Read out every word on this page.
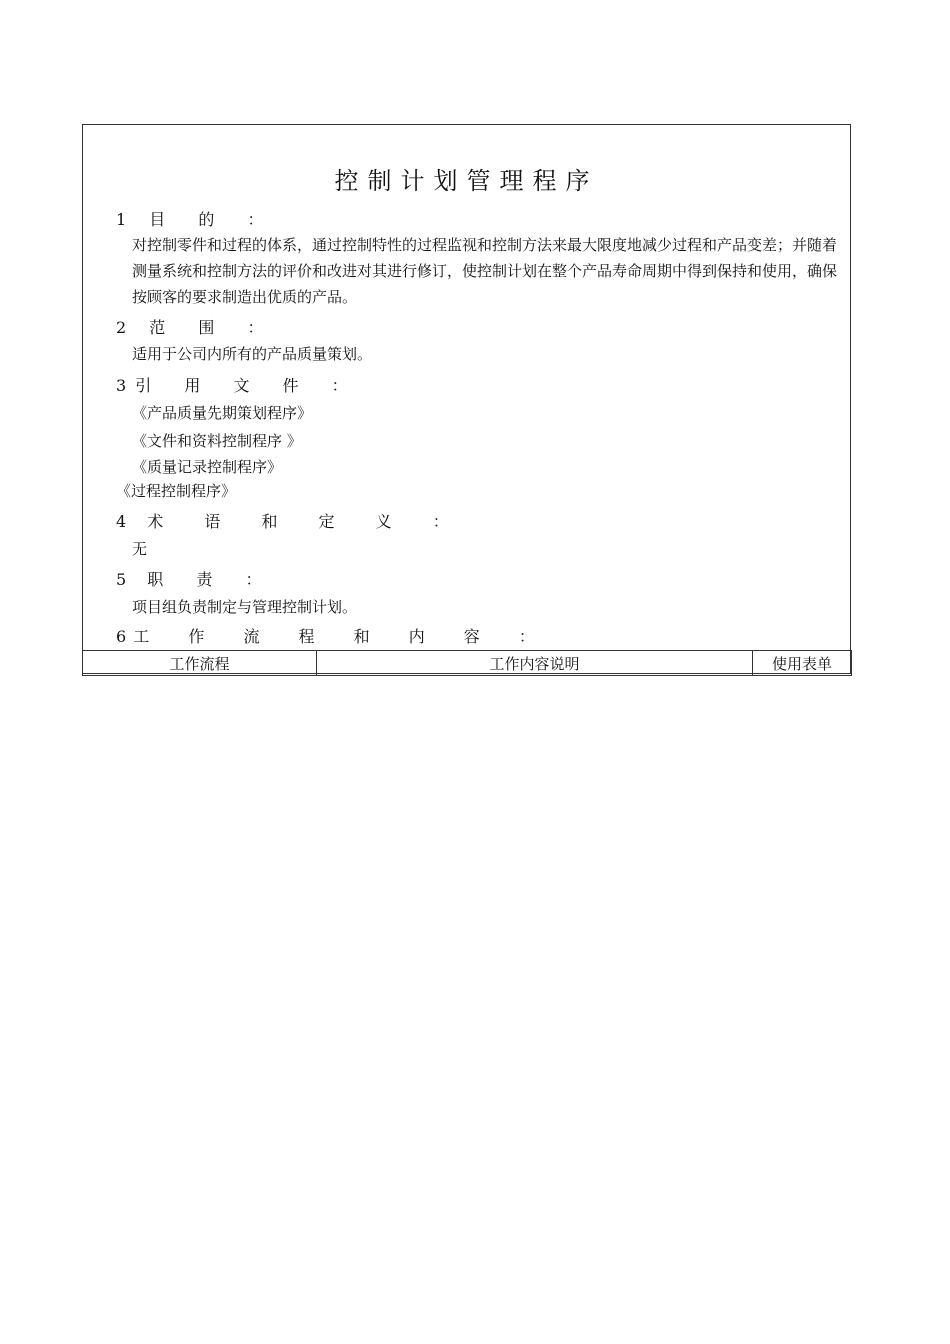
控制计划管理程序
1 目 的 ：
对控制零件和过程的体系，通过控制特性的过程监视和控制方法来最大限度地减少过程和产品变差；并随着测量系统和控制方法的评价和改进对其进行修订，使控制计划在整个产品寿命周期中得到保持和使用，确保按顾客的要求制造出优质的产品。
2 范 围 ：
适用于公司内所有的产品质量策划。
3 引 用 文 件 ：
《产品质量先期策划程序》
《文件和资料控制程序 》
《质量记录控制程序》
《过程控制程序》
4 术 语 和 定 义 ：
无
5 职 责 ：
项目组负责制定与管理控制计划。
6 工 作 流 程 和 内 容 ：
工作流程	工作内容说明	使用表单
